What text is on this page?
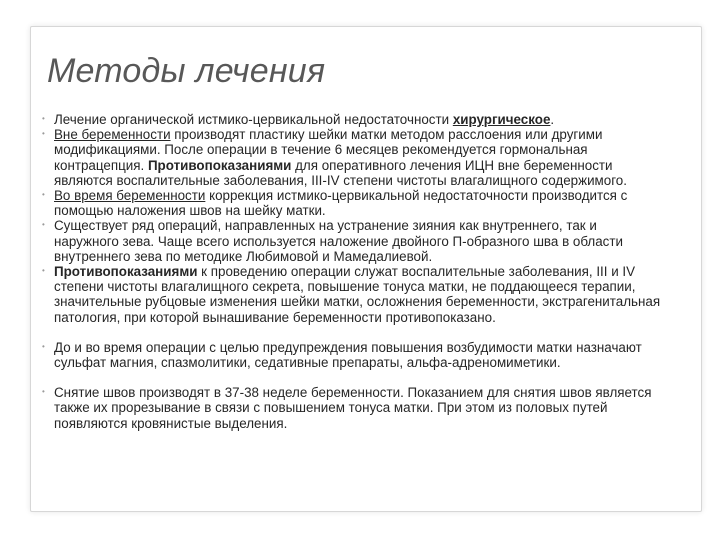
Методы лечения
•
Лечение органической истмико-цервикальной недостаточности хирургическое.
•
Вне беременности производят пластику шейки матки методом расслоения или другими модификациями. После операции в течение 6 месяцев рекомендуется гормональная контрацепция. Противопоказаниями для оперативного лечения ИЦН вне беременности являются воспалительные заболевания, III-IV степени чистоты влагалищного содержимого.
•
Во время беременности коррекция истмико-цервикальной недостаточности производится с помощью наложения швов на шейку матки.
•
Существует ряд операций, направленных на устранение зияния как внутреннего, так и наружного зева. Чаще всего используется наложение двойного П-образного шва в области внутреннего зева по методике Любимовой и Мамедалиевой.
•
Противопоказаниями к проведению операции служат воспалительные заболевания, III и IV степени чистоты влагалищного секрета, повышение тонуса матки, не поддающееся терапии, значительные рубцовые изменения шейки матки, осложнения беременности, экстрагенитальная патология, при которой вынашивание беременности противопоказано.
•
До и во время операции с целью предупреждения повышения возбудимости матки назначают сульфат магния, спазмолитики, седативные препараты, альфа-адреномиметики.
•
Снятие швов производят в 37-38 неделе беременности. Показанием для снятия швов является также их прорезывание в связи с повышением тонуса матки. При этом из половых путей появляются кровянистые выделения.
